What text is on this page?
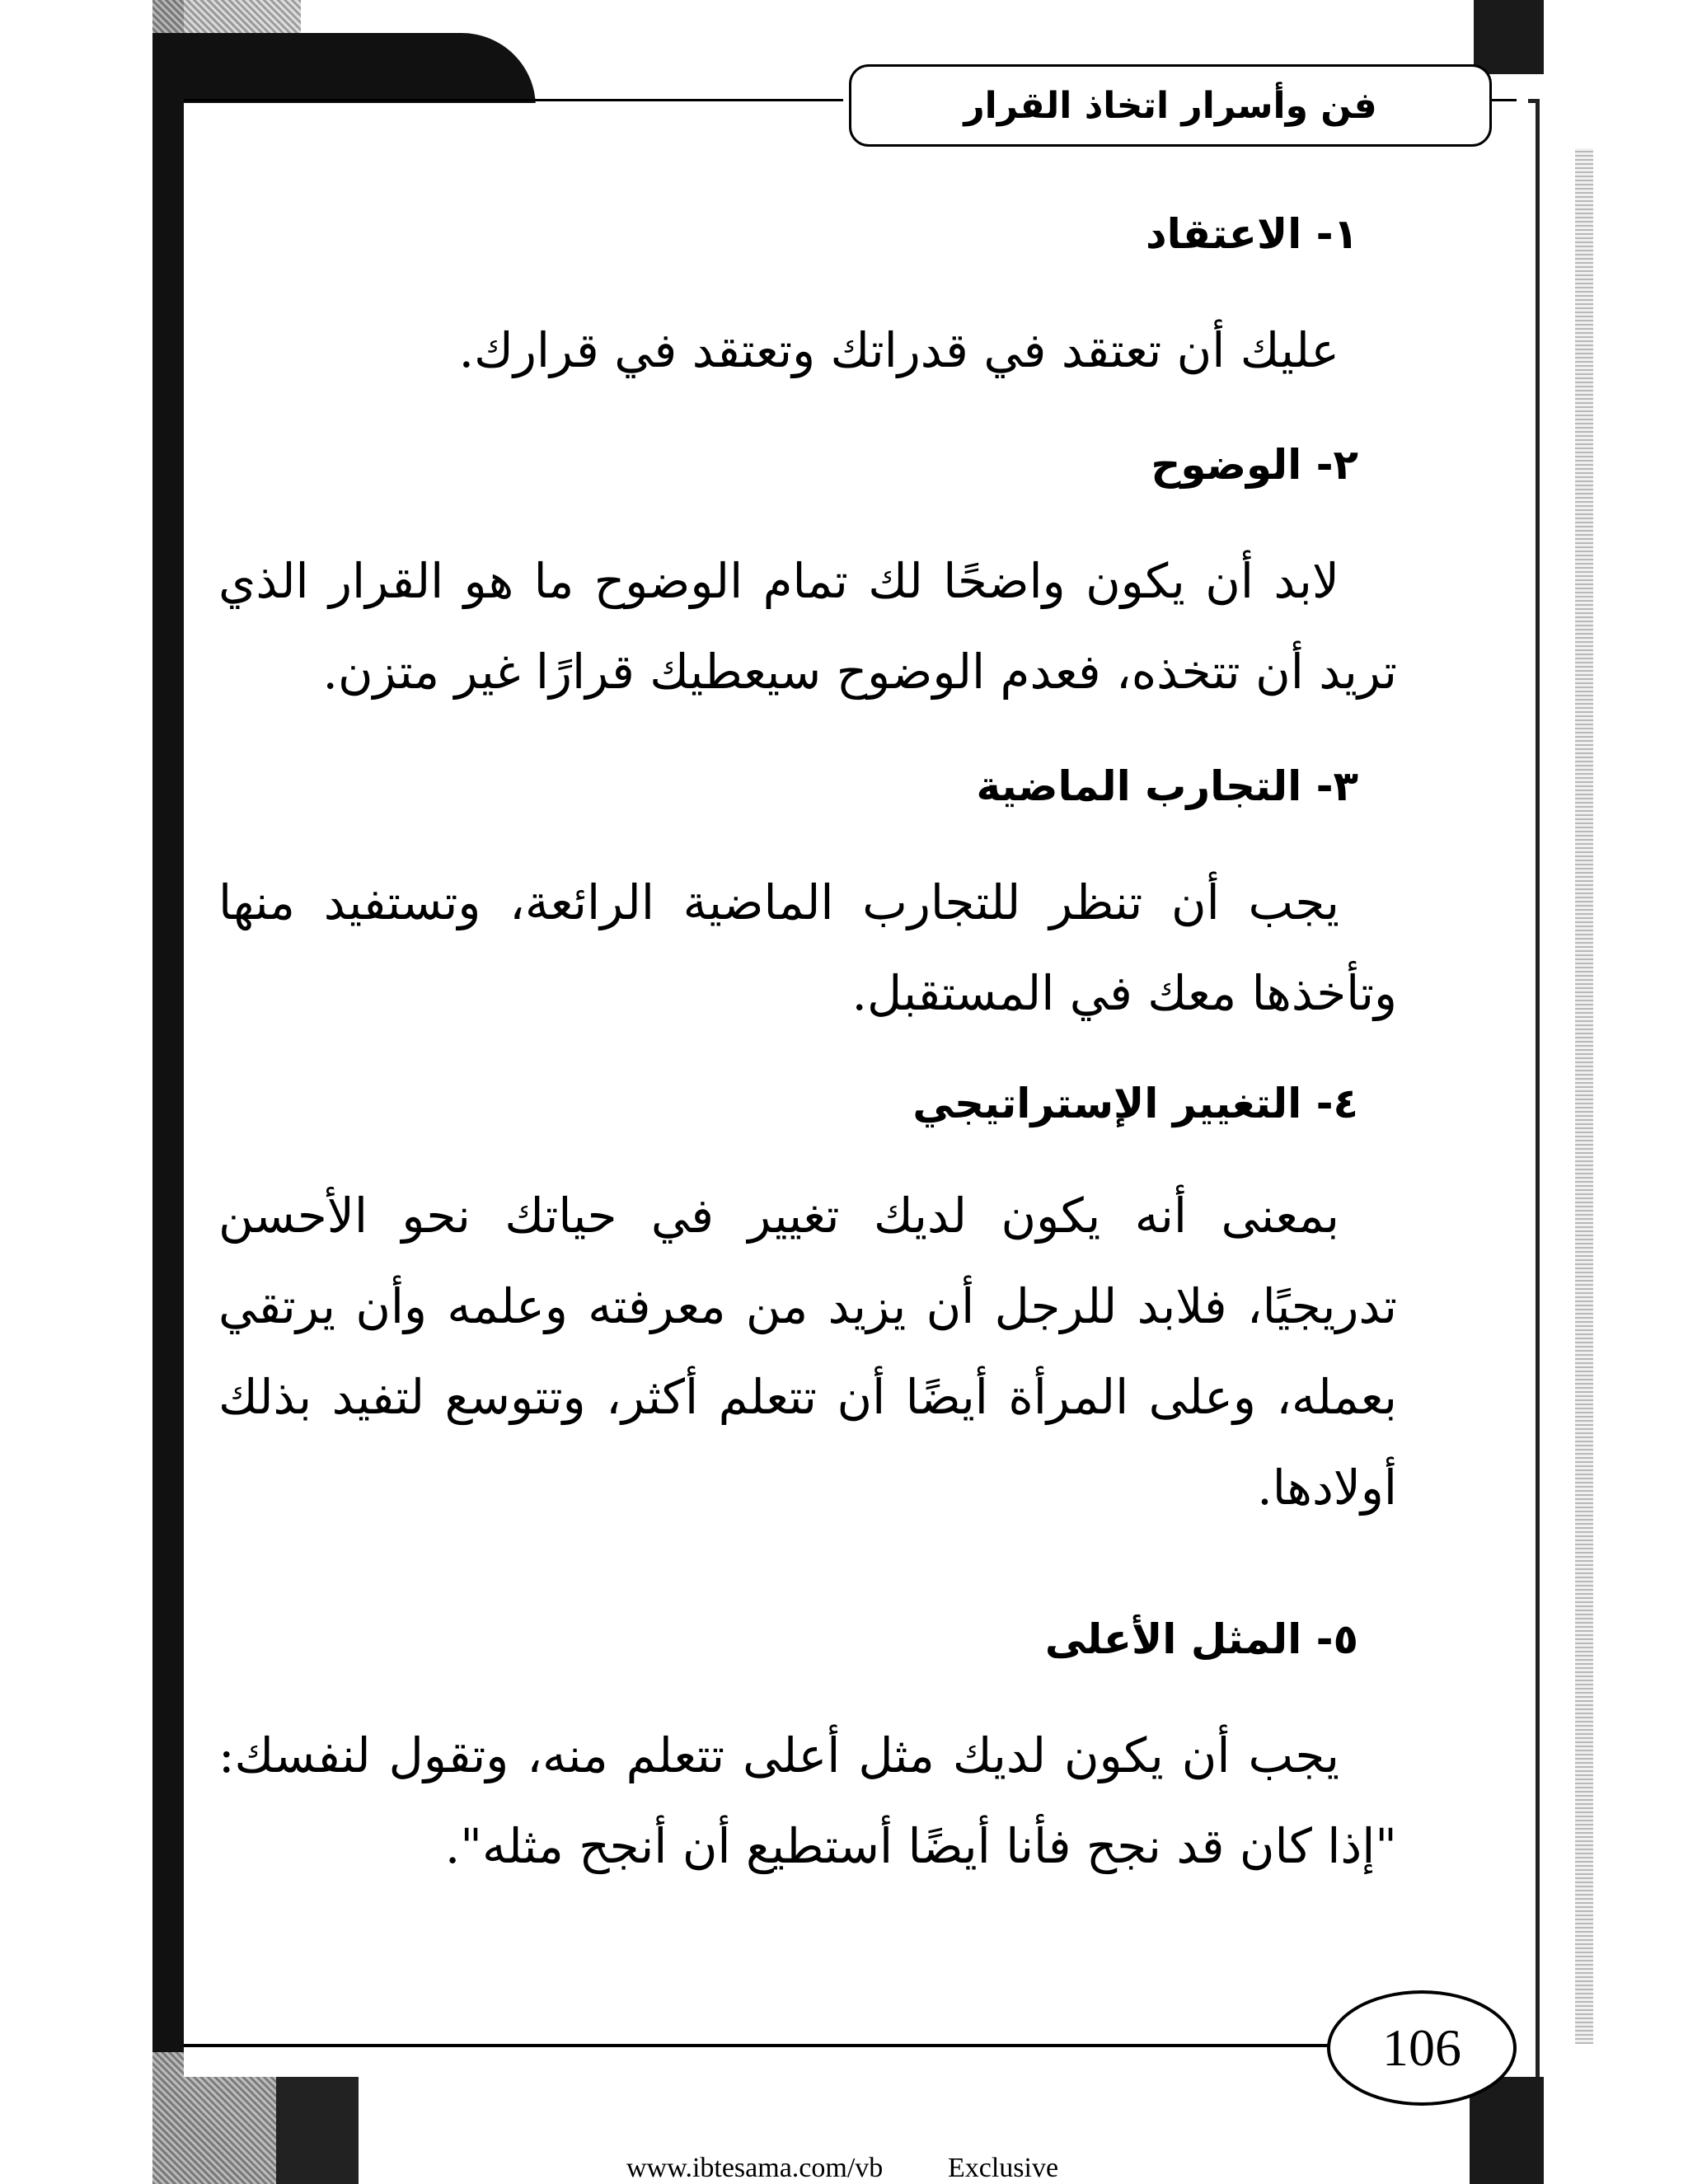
فن وأسرار اتخاذ القرار
١- الاعتقاد
عليك أن تعتقد في قدراتك وتعتقد في قرارك.
٢- الوضوح
لابد أن يكون واضحًا لك تمام الوضوح ما هو القرار الذي تريد أن تتخذه، فعدم الوضوح سيعطيك قرارًا غير متزن.
٣- التجارب الماضية
يجب أن تنظر للتجارب الماضية الرائعة، وتستفيد منها وتأخذها معك في المستقبل.
٤- التغيير الإستراتيجي
بمعنى أنه يكون لديك تغيير في حياتك نحو الأحسن تدريجيًا، فلابد للرجل أن يزيد من معرفته وعلمه وأن يرتقي بعمله، وعلى المرأة أيضًا أن تتعلم أكثر، وتتوسع لتفيد بذلك أولادها.
٥- المثل الأعلى
يجب أن يكون لديك مثل أعلى تتعلم منه، وتقول لنفسك: "إذا كان قد نجح فأنا أيضًا أستطيع أن أنجح مثله".
106
www.ibtesama.com/vb Exclusive
